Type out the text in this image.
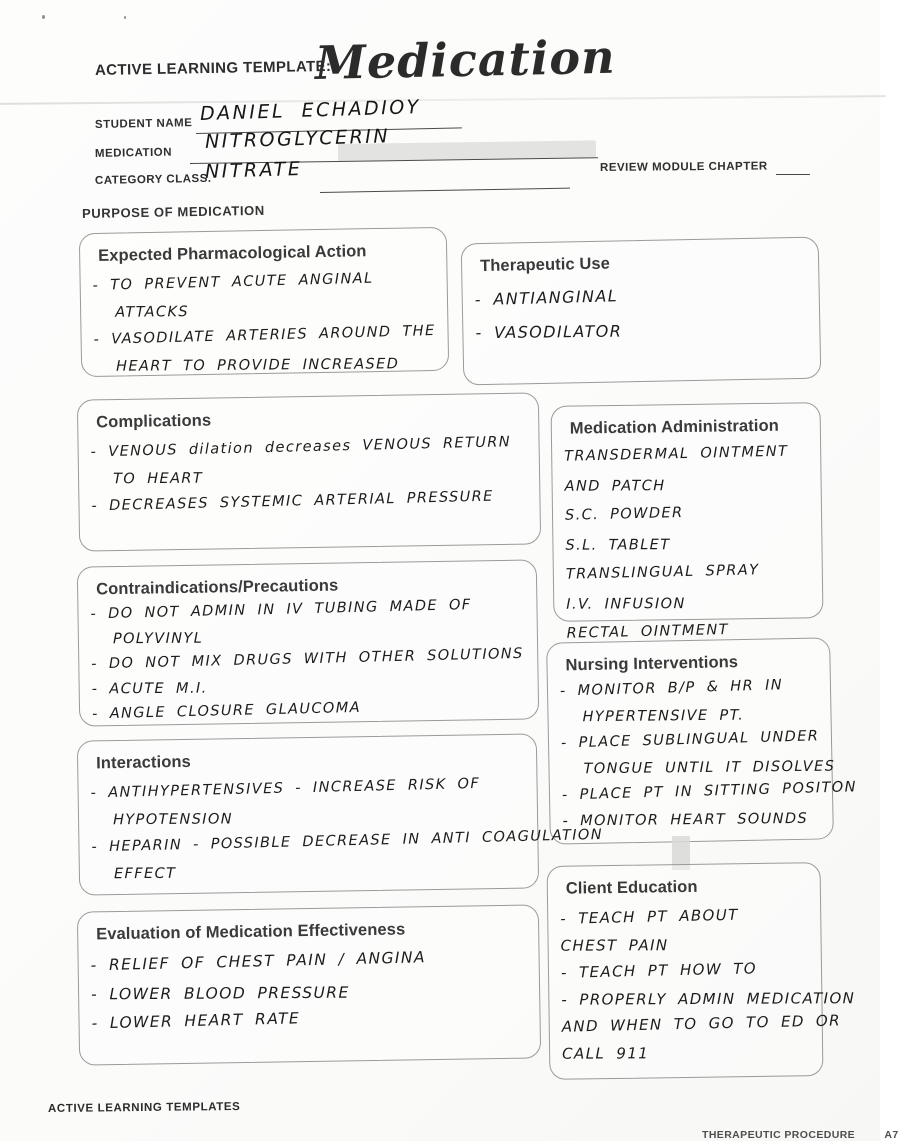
ACTIVE LEARNING TEMPLATE:
Medication
STUDENT NAME DANIEL ECHADIOY
MEDICATION
NITROGLYCERIN
REVIEW MODULE CHAPTER
CATEGORY CLASS.
NITRATE
PURPOSE OF MEDICATION
Expected Pharmacological Action
- TO PREVENT ACUTE ANGINAL
ATTACKS
- VASODILATE ARTERIES AROUND THE
HEART TO PROVIDE INCREASED
Therapeutic Use
- ANTIANGINAL
- VASODILATOR
Complications
- VENOUS dilation decreases VENOUS RETURN
TO HEART
- DECREASES SYSTEMIC ARTERIAL PRESSURE
Medication Administration
TRANSDERMAL OINTMENT
AND PATCH
S.C. POWDER
S.L. TABLET
TRANSLINGUAL SPRAY
I.V. INFUSION
RECTAL OINTMENT
Contraindications/Precautions
- DO NOT ADMIN IN IV TUBING MADE OF
POLYVINYL
- DO NOT MIX DRUGS WITH OTHER SOLUTIONS
- ACUTE M.I.
- ANGLE CLOSURE GLAUCOMA
Nursing Interventions
- MONITOR B/P & HR IN
HYPERTENSIVE PT.
- PLACE SUBLINGUAL UNDER
TONGUE UNTIL IT DISOLVES
- PLACE PT IN SITTING POSITON
- MONITOR HEART SOUNDS
Interactions
- ANTIHYPERTENSIVES - INCREASE RISK OF
HYPOTENSION
- HEPARIN - POSSIBLE DECREASE IN ANTI COAGULATION
EFFECT
Client Education
- TEACH PT ABOUT
CHEST PAIN
- TEACH PT HOW TO
- PROPERLY ADMIN MEDICATION
AND WHEN TO GO TO ED OR
CALL 911
Evaluation of Medication Effectiveness
- RELIEF OF CHEST PAIN / ANGINA
- LOWER BLOOD PRESSURE
- LOWER HEART RATE
ACTIVE LEARNING TEMPLATES
THERAPEUTIC PROCEDURE	A7
